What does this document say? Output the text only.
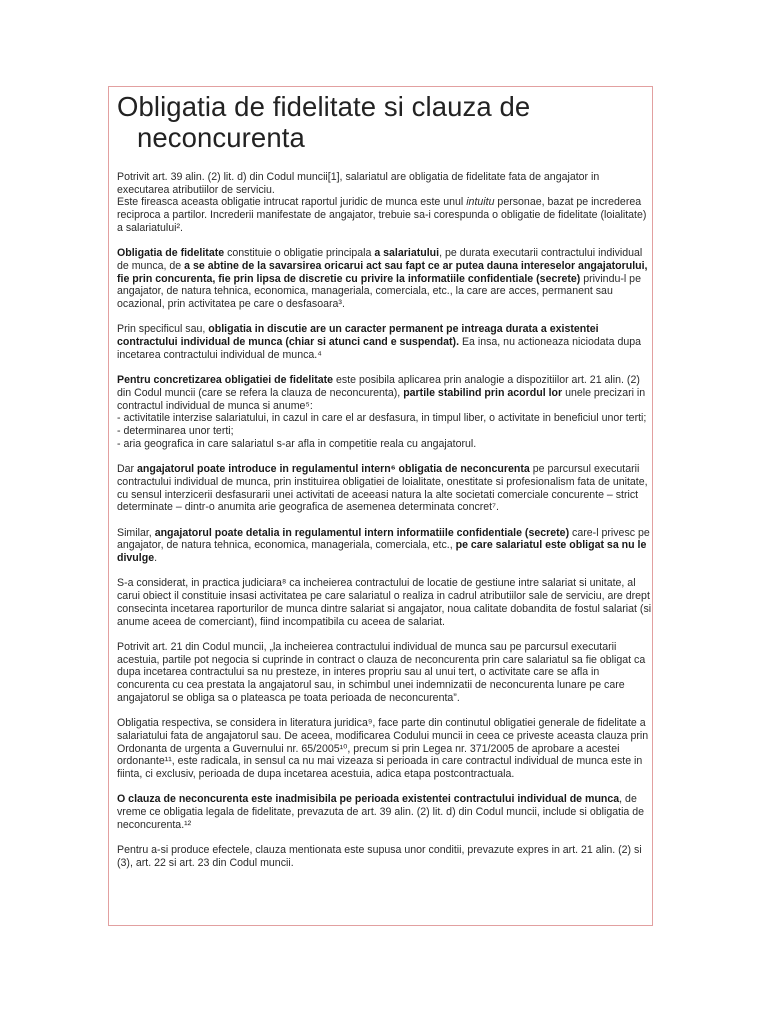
Obligatia de fidelitate si clauza de
neconcurenta

Potrivit art. 39 alin. (2) lit. d) din Codul muncii[1], salariatul are obligatia de fidelitate fata de angajator in executarea atributiilor de serviciu.
Este fireasca aceasta obligatie intrucat raportul juridic de munca este unul intuitu personae, bazat pe increderea reciproca a partilor. Increderii manifestate de angajator, trebuie sa-i corespunda o obligatie de fidelitate (loialitate) a salariatului².

Obligatia de fidelitate constituie o obligatie principala a salariatului, pe durata executarii contractului individual de munca, de a se abtine de la savarsirea oricarui act sau fapt ce ar putea dauna intereselor angajatorului, fie prin concurenta, fie prin lipsa de discretie cu privire la informatiile confidentiale (secrete) privindu-l pe angajator, de natura tehnica, economica, manageriala, comerciala, etc., la care are acces, permanent sau ocazional, prin activitatea pe care o desfasoara³.

Prin specificul sau, obligatia in discutie are un caracter permanent pe intreaga durata a existentei contractului individual de munca (chiar si atunci cand e suspendat). Ea insa, nu actioneaza niciodata dupa incetarea contractului individual de munca.⁴

Pentru concretizarea obligatiei de fidelitate este posibila aplicarea prin analogie a dispozitiilor art. 21 alin. (2) din Codul muncii (care se refera la clauza de neconcurenta), partile stabilind prin acordul lor unele precizari in contractul individual de munca si anume⁵:
- activitatile interzise salariatului, in cazul in care el ar desfasura, in timpul liber, o activitate in beneficiul unor terti;
- determinarea unor terti;
- aria geografica in care salariatul s-ar afla in competitie reala cu angajatorul.

Dar angajatorul poate introduce in regulamentul intern⁶ obligatia de neconcurenta pe parcursul executarii contractului individual de munca, prin instituirea obligatiei de loialitate, onestitate si profesionalism fata de unitate, cu sensul interzicerii desfasurarii unei activitati de aceeasi natura la alte societati comerciale concurente – strict determinate – dintr-o anumita arie geografica de asemenea determinata concret⁷.

Similar, angajatorul poate detalia in regulamentul intern informatiile confidentiale (secrete) care-l privesc pe angajator, de natura tehnica, economica, manageriala, comerciala, etc., pe care salariatul este obligat sa nu le divulge.

S-a considerat, in practica judiciara⁸ ca incheierea contractului de locatie de gestiune intre salariat si unitate, al carui obiect il constituie insasi activitatea pe care salariatul o realiza in cadrul atributiilor sale de serviciu, are drept consecinta incetarea raporturilor de munca dintre salariat si angajator, noua calitate dobandita de fostul salariat (si anume aceea de comerciant), fiind incompatibila cu aceea de salariat.

Potrivit art. 21 din Codul muncii, „la incheierea contractului individual de munca sau pe parcursul executarii acestuia, partile pot negocia si cuprinde in contract o clauza de neconcurenta prin care salariatul sa fie obligat ca dupa incetarea contractului sa nu presteze, in interes propriu sau al unui tert, o activitate care se afla in concurenta cu cea prestata la angajatorul sau, in schimbul unei indemnizatii de neconcurenta lunare pe care angajatorul se obliga sa o plateasca pe toata perioada de neconcurenta”.

Obligatia respectiva, se considera in literatura juridica⁹, face parte din continutul obligatiei generale de fidelitate a salariatului fata de angajatorul sau. De aceea, modificarea Codului muncii in ceea ce priveste aceasta clauza prin Ordonanta de urgenta a Guvernului nr. 65/2005¹⁰, precum si prin Legea nr. 371/2005 de aprobare a acestei ordonante¹¹, este radicala, in sensul ca nu mai vizeaza si perioada in care contractul individual de munca este in fiinta, ci exclusiv, perioada de dupa incetarea acestuia, adica etapa postcontractuala.

O clauza de neconcurenta este inadmisibila pe perioada existentei contractului individual de munca, de vreme ce obligatia legala de fidelitate, prevazuta de art. 39 alin. (2) lit. d) din Codul muncii, include si obligatia de neconcurenta.¹²

Pentru a-si produce efectele, clauza mentionata este supusa unor conditii, prevazute expres in art. 21 alin. (2) si (3), art. 22 si art. 23 din Codul muncii.
